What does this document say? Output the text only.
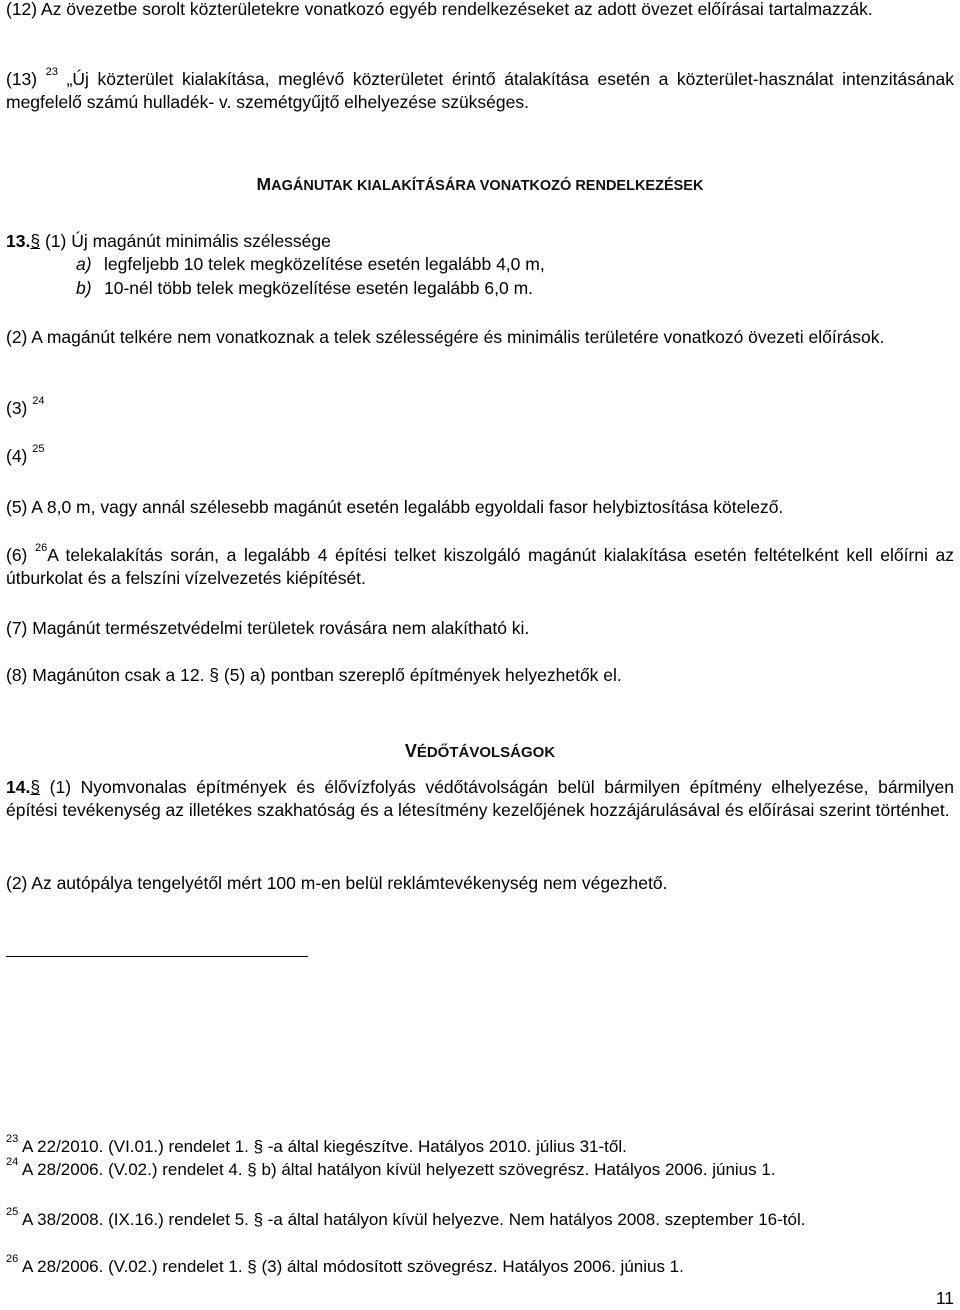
(12) Az övezetbe sorolt közterületekre vonatkozó egyéb rendelkezéseket az adott övezet előírásai tartalmazzák.

(13) $^{23}$ „Új közterület kialakítása, meglévő közterületet érintő átalakítása esetén a közterület-használat intenzitásának megfelelő számú hulladék- v. szemétgyűjtő elhelyezése szükséges.

MAGÁNUTAK KIALAKÍTÁSÁRA VONATKOZÓ RENDELKEZÉSEK

13.§ (1) Új magánút minimális szélessége

a) legfeljebb 10 telek megközelítése esetén legalább 4,0 m,
b) 10-nél több telek megközelítése esetén legalább 6,0 m.

(2) A magánút telkére nem vonatkoznak a telek szélességére és minimális területére vonatkozó övezeti előírások.

(3) $^{24}$

(4) $^{25}$

(5) A 8,0 m, vagy annál szélesebb magánút esetén legalább egyoldali fasor helybiztosítása kötelező.

(6) $^{26}$A telekalakítás során, a legalább 4 építési telket kiszolgáló magánút kialakítása esetén feltételként kell előírni az útburkolat és a felszíni vízelvezetés kiépítését.

(7) Magánút természetvédelmi területek rovására nem alakítható ki.

(8) Magánúton csak a 12. § (5) a) pontban szereplő építmények helyezhetők el.

VÉDŐTÁVOLSÁGOK

14.§ (1) Nyomvonalas építmények és élővízfolyás védőtávolságán belül bármilyen építmény elhelyezése, bármilyen építési tevékenység az illetékes szakhatóság és a létesítmény kezelőjének hozzájárulásával és előírásai szerint történhet.

(2) Az autópálya tengelyétől mért 100 m-en belül reklámtevékenység nem végezhető.

$^{23}$ A 22/2010. (VI.01.) rendelet 1. § -a által kiegészítve. Hatályos 2010. július 31-től.
$^{24}$ A 28/2006. (V.02.) rendelet 4. § b) által hatályon kívül helyezett szövegrész. Hatályos 2006. június 1.
$^{25}$ A 38/2008. (IX.16.) rendelet 5. § -a által hatályon kívül helyezve. Nem hatályos 2008. szeptember 16-tól.
$^{26}$ A 28/2006. (V.02.) rendelet 1. § (3) által módosított szövegrész. Hatályos 2006. június 1.
11
